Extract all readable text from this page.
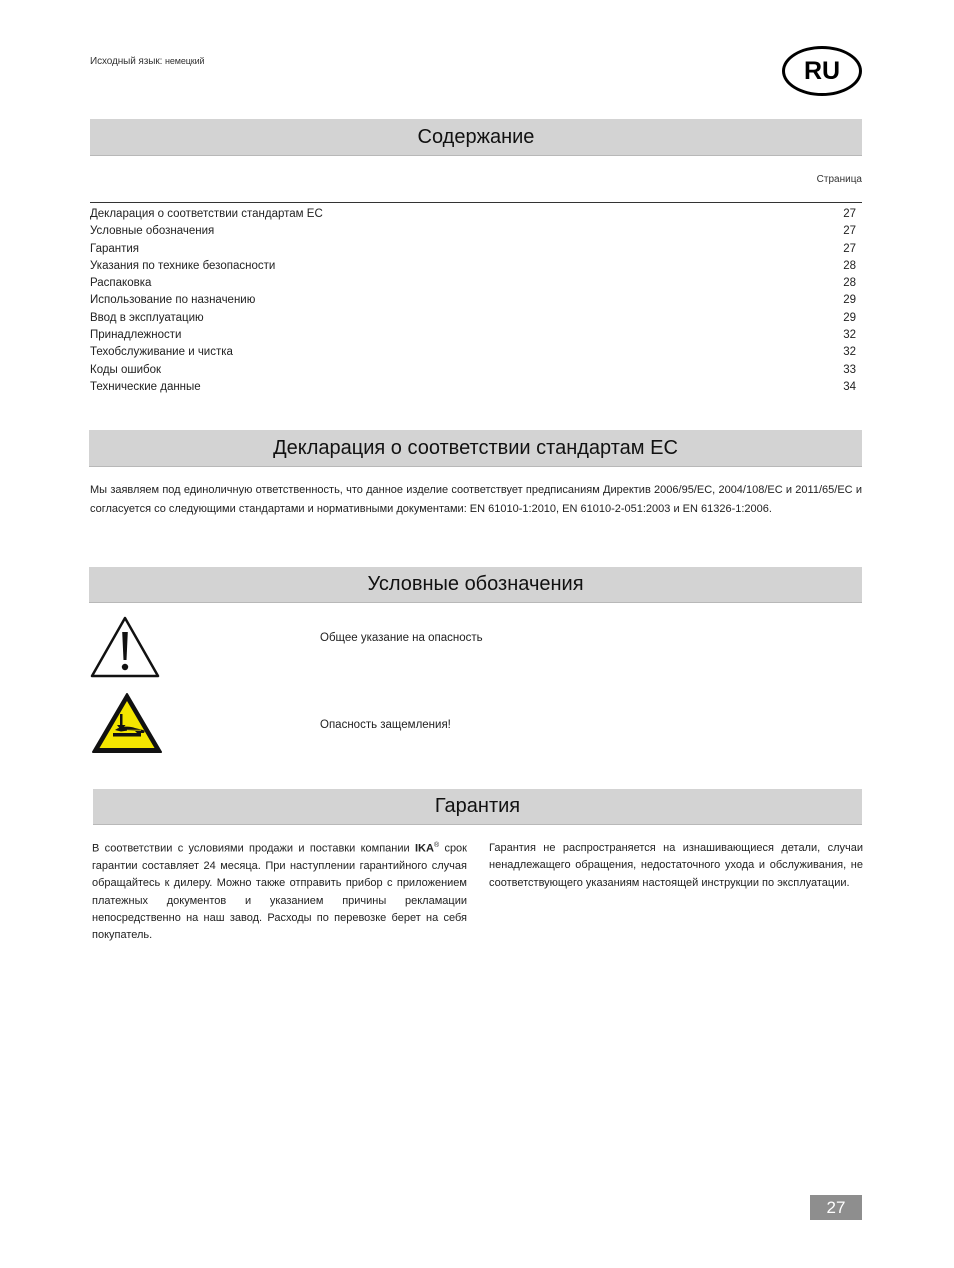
Исходный язык: немецкий	RU
Содержание
Страница
Декларация о соответствии стандартам ЕС	27
Условные обозначения	27
Гарантия	27
Указания по технике безопасности	28
Распаковка	28
Использование по назначению	29
Ввод в эксплуатацию	29
Принадлежности	32
Техобслуживание и чистка	32
Коды ошибок	33
Технические данные	34
Декларация о соответствии стандартам ЕС
Мы заявляем под единоличную ответственность, что данное изделие соответствует предписаниям Директив 2006/95/EC, 2004/108/EC и 2011/65/EC и согласуется со следующими стандартами и нормативными документами: EN 61010-1:2010, EN 61010-2-051:2003 и EN 61326-1:2006.
Условные обозначения
Общее указание на опасность
Опасность защемления!
Гарантия
В соответствии с условиями продажи и поставки компании IKA® срок гарантии составляет 24 месяца. При наступлении гарантийного случая обращайтесь к дилеру. Можно также отправить прибор с приложением платежных документов и указанием причины рекламации непосредственно на наш завод. Расходы по перевозке берет на себя покупатель.
Гарантия не распространяется на изнашивающиеся детали, случаи ненадлежащего обращения, недостаточного ухода и обслуживания, не соответствующего указаниям настоящей инструкции по эксплуатации.
27
